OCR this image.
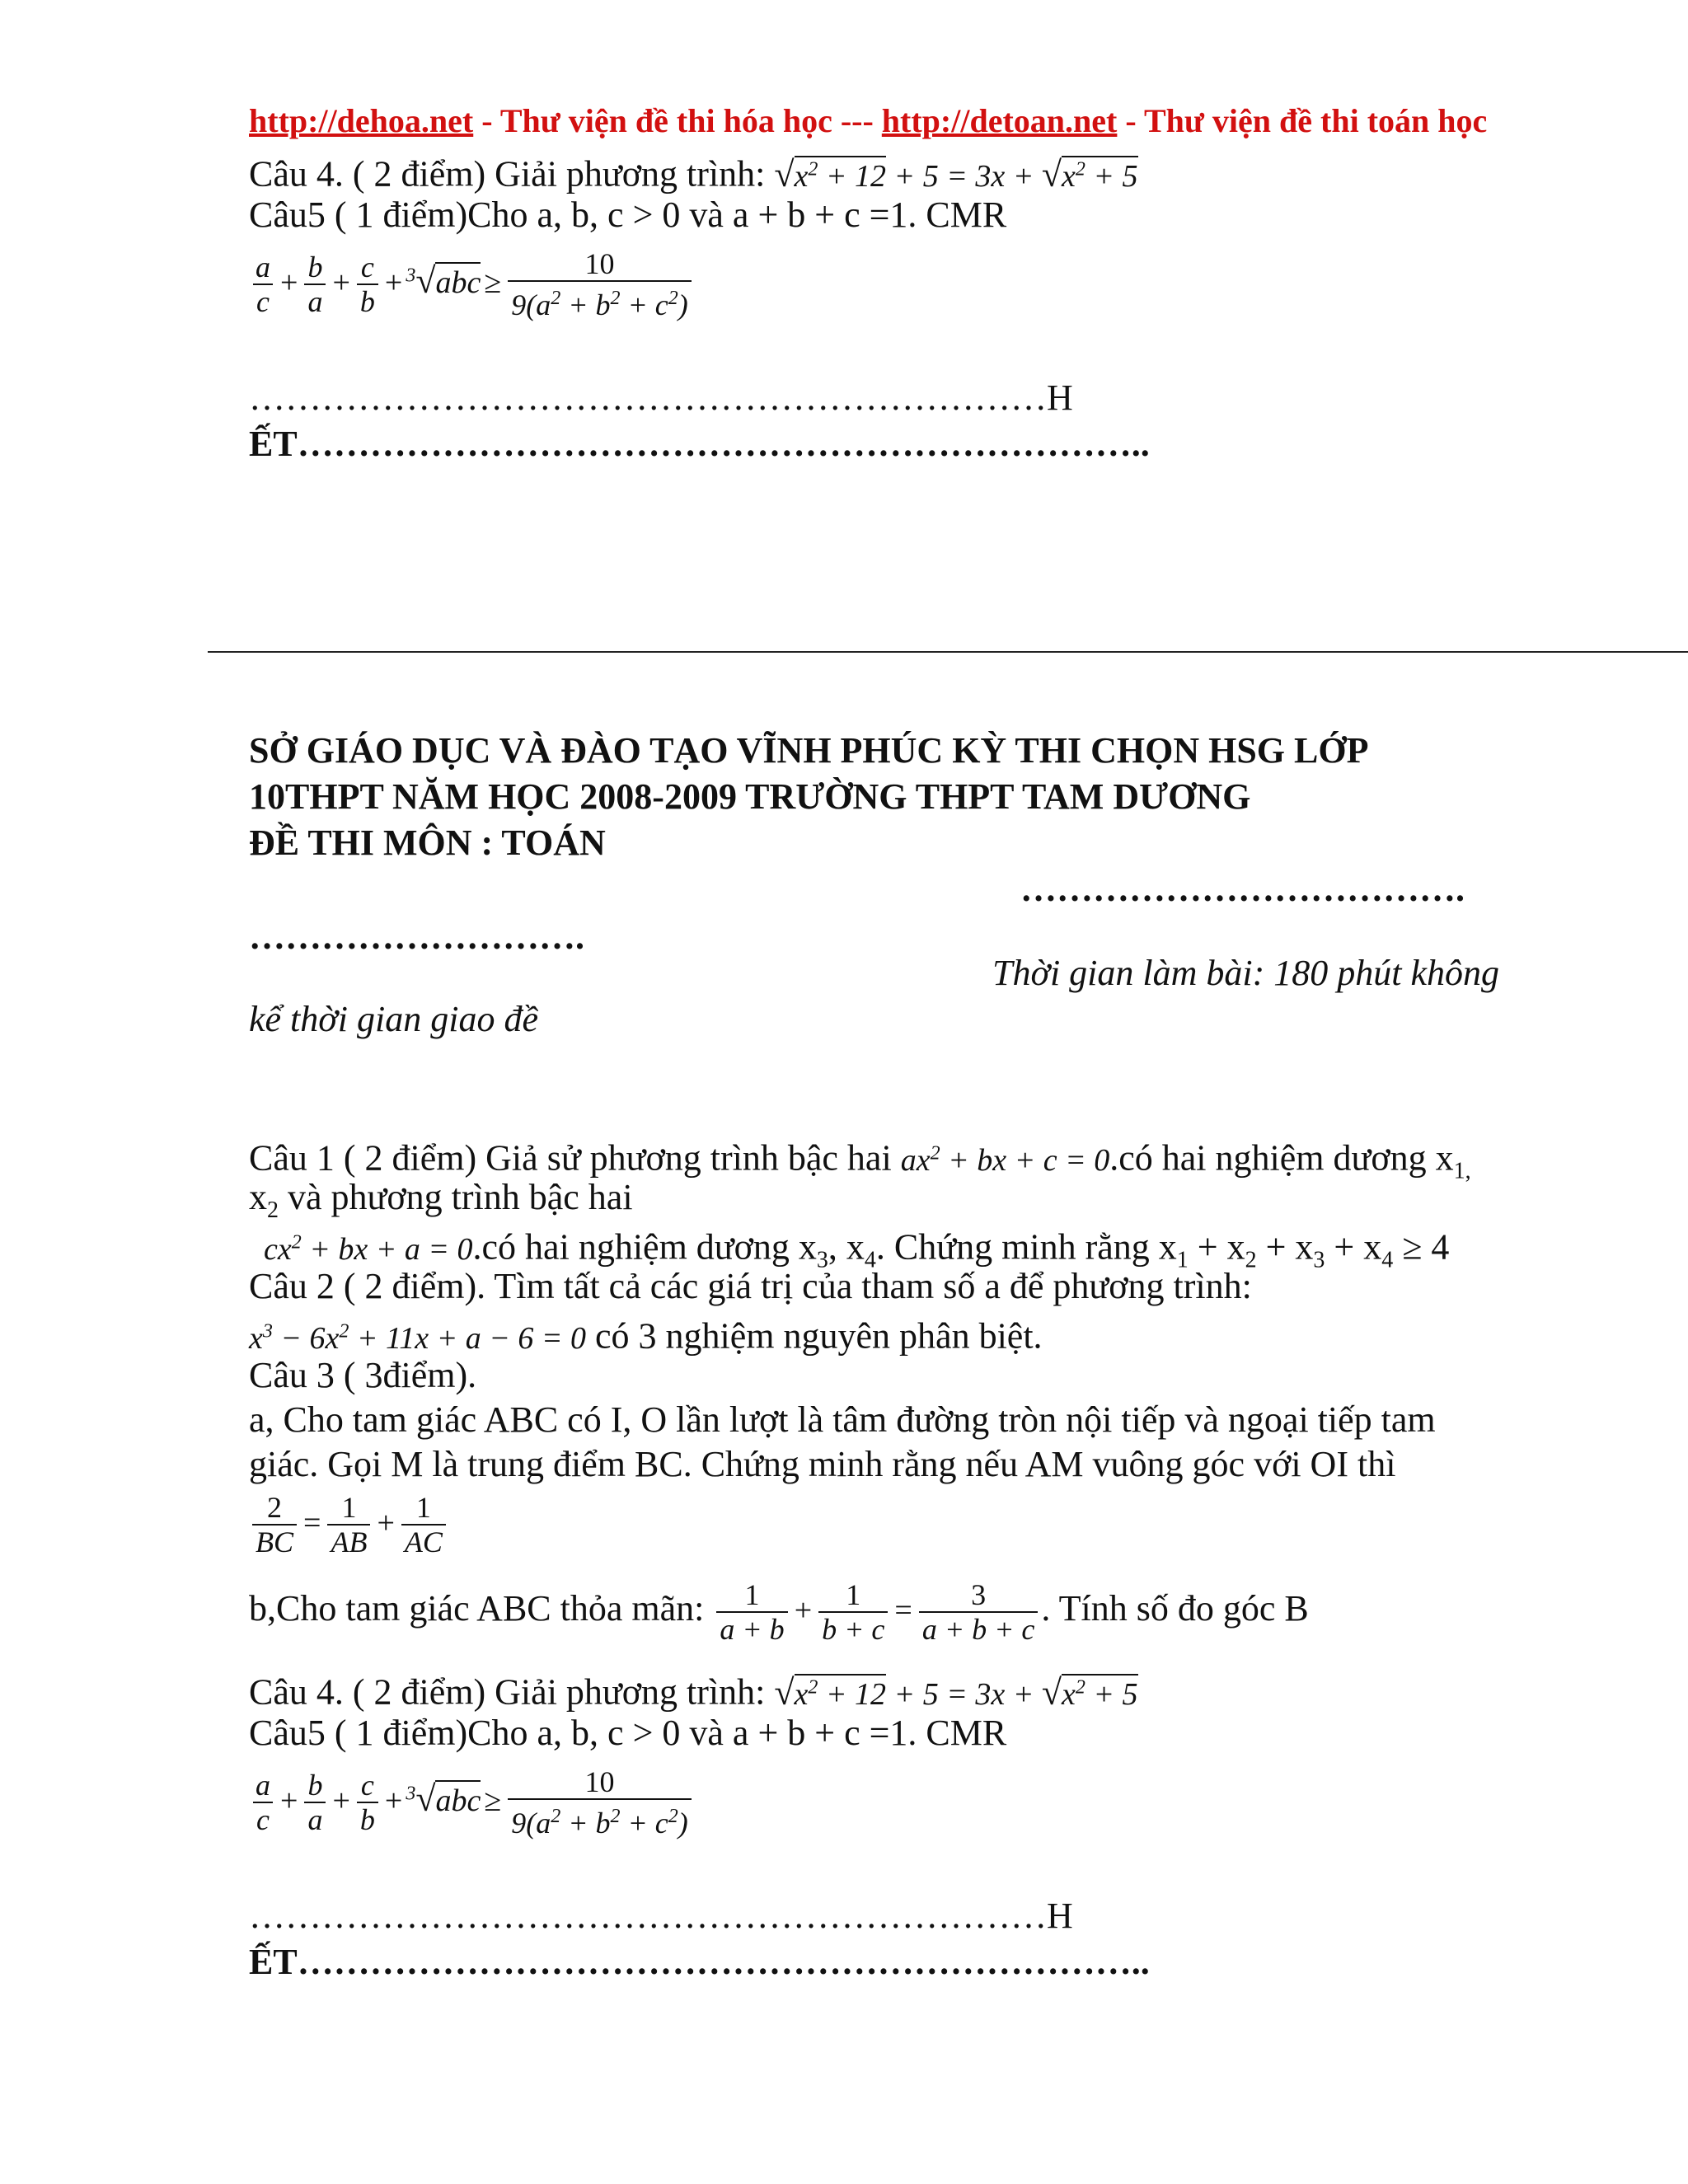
http://dehoa.net - Thư viện đề thi hóa học --- http://detoan.net - Thư viện đề thi toán học
Câu 4. ( 2 điểm) Giải phương trình: $√x^2 + 12 + 5 = 3x + √x^2 + 5$
Câu5 ( 1 điểm)Cho a, b, c > 0 và a + b + c =1. CMR
$\frac{a}{c} + \frac{b}{a} + \frac{c}{b} + ^3√abc \ge \frac{10}{9(a^2 + b^2 + c^2)}$
…………………………………………………………H
ẾT……………………………………………………………..
SỞ GIÁO DỤC VÀ ĐÀO TẠO VĨNH PHÚC KỲ THI CHỌN HSG LỚP
10THPT NĂM HỌC 2008-2009 TRƯỜNG THPT TAM DƯƠNG
ĐỀ THI MÔN : TOÁN
……………………………….
……………………….
Thời gian làm bài: 180 phút không
kể thời gian giao đề
Câu 1 ( 2 điểm) Giả sử phương trình bậc hai $ax^2$ + bx + c = 0.có hai nghiệm dương $x_{1,}$
$x_2$ và phương trình bậc hai
$cx^2$ + bx + a = 0.có hai nghiệm dương $x_3$, $x_4$. Chứng minh rằng $x_1 + x_2 + x_3 + x_4 \ge 4$
Câu 2 ( 2 điểm). Tìm tất cả các giá trị của tham số a để phương trình:
$x^3 - 6x^2 + 11x + a - 6 = 0$ có 3 nghiệm nguyên phân biệt.
Câu 3 ( 3điểm).
a, Cho tam giác ABC có I, O lần lượt là tâm đường tròn nội tiếp và ngoại tiếp tam
giác. Gọi M là trung điểm BC. Chứng minh rằng nếu AM vuông góc với OI thì
$\frac{2}{BC} = \frac{1}{AB} + \frac{1}{AC}$
b,Cho tam giác ABC thỏa mãn: $\frac{1}{a + b} + \frac{1}{b + c} = \frac{3}{a + b + c}$ . Tính số đo góc B
Câu 4. ( 2 điểm) Giải phương trình: $√x^2 + 12 + 5 = 3x + √x^2 + 5$
Câu5 ( 1 điểm)Cho a, b, c > 0 và a + b + c =1. CMR
$\frac{a}{c} + \frac{b}{a} + \frac{c}{b} + ^3√abc \ge \frac{10}{9(a^2 + b^2 + c^2)}$
…………………………………………………………H
ẾT……………………………………………………………..
